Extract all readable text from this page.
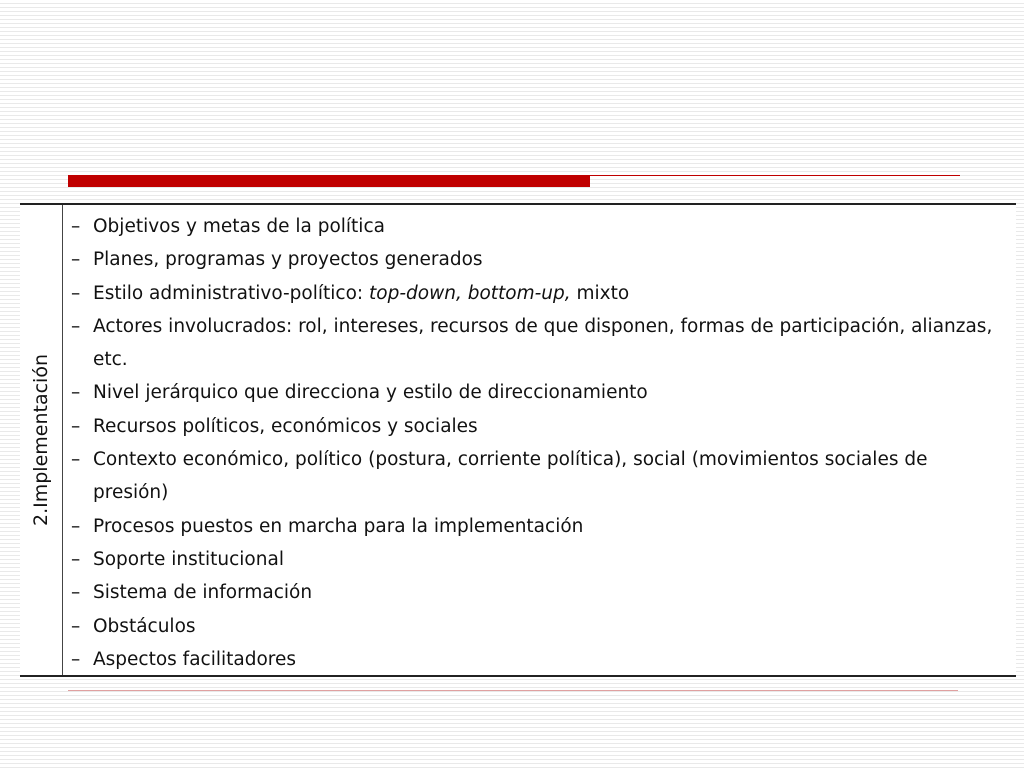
2.Implementación
– Objetivos y metas de la política
– Planes, programas y proyectos generados
– Estilo administrativo-político: top-down, bottom-up, mixto
– Actores involucrados: rol, intereses, recursos de que disponen, formas de participación, alianzas, etc.
– Nivel jerárquico que direcciona y estilo de direccionamiento
– Recursos políticos, económicos y sociales
– Contexto económico, político (postura, corriente política), social (movimientos sociales de presión)
– Procesos puestos en marcha para la implementación
– Soporte institucional
– Sistema de información
– Obstáculos
– Aspectos facilitadores
